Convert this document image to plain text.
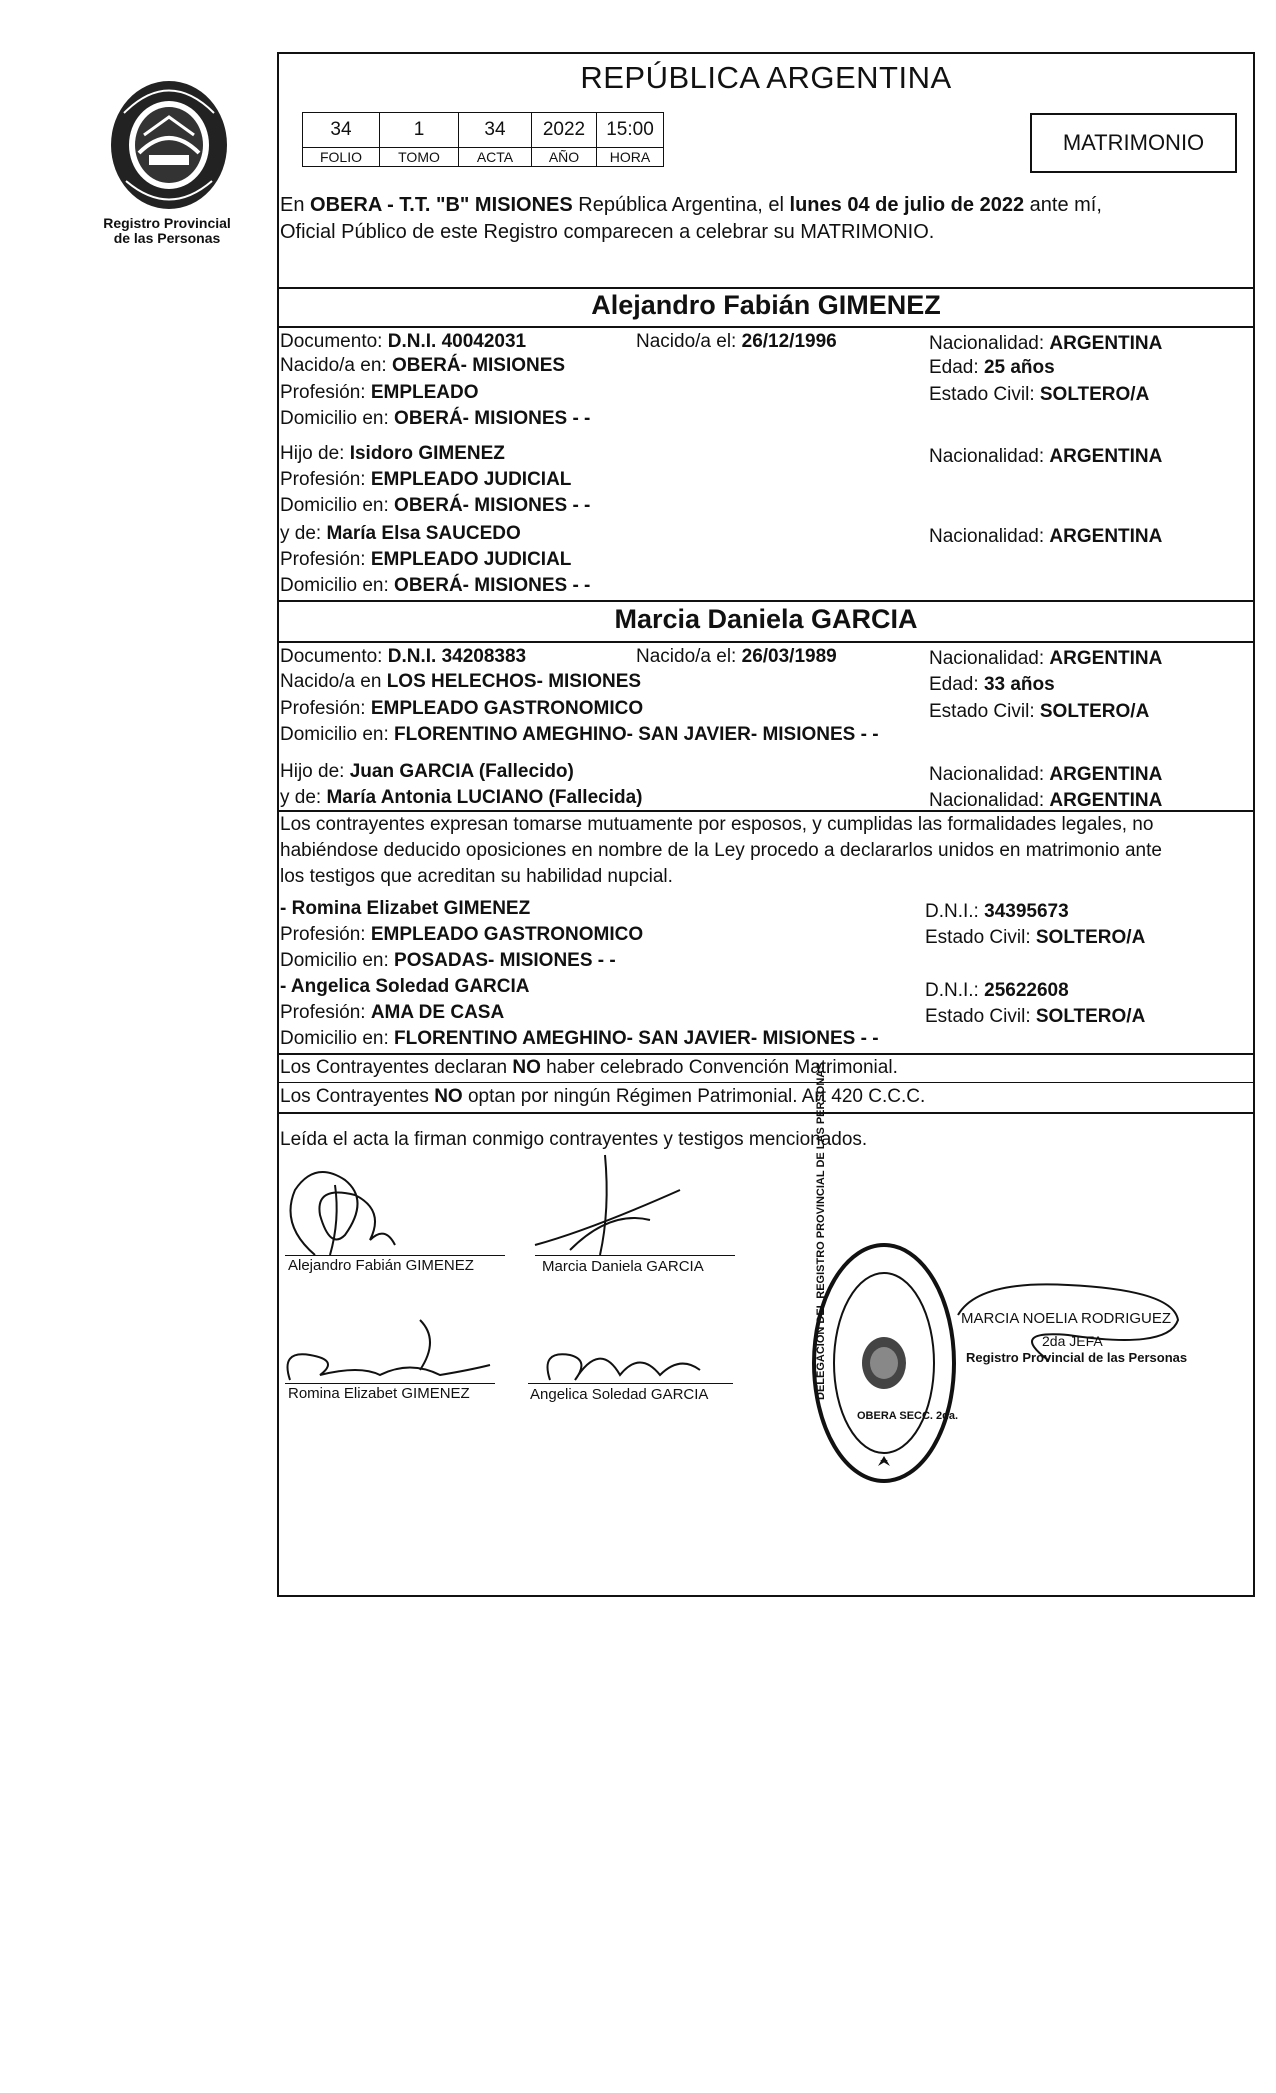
Registro Provincial
de las Personas
REPÚBLICA ARGENTINA
34	1	34	2022	15:00
FOLIO	TOMO	ACTA	AÑO	HORA
MATRIMONIO
En OBERA - T.T. "B" MISIONES República Argentina, el lunes 04 de julio de 2022 ante mí,
Oficial Público de este Registro comparecen a celebrar su MATRIMONIO.
Alejandro Fabián GIMENEZ
Documento: D.N.I. 40042031	Nacido/a el: 26/12/1996	Nacionalidad: ARGENTINA
Nacido/a en: OBERÁ- MISIONES	Edad: 25 años
Profesión: EMPLEADO	Estado Civil: SOLTERO/A
Domicilio en: OBERÁ- MISIONES - -
Hijo de: Isidoro GIMENEZ	Nacionalidad: ARGENTINA
Profesión: EMPLEADO JUDICIAL
Domicilio en: OBERÁ- MISIONES - -
y de: María Elsa SAUCEDO	Nacionalidad: ARGENTINA
Profesión: EMPLEADO JUDICIAL
Domicilio en: OBERÁ- MISIONES - -
Marcia Daniela GARCIA
Documento: D.N.I. 34208383	Nacido/a el: 26/03/1989	Nacionalidad: ARGENTINA
Nacido/a en LOS HELECHOS- MISIONES	Edad: 33 años
Profesión: EMPLEADO GASTRONOMICO	Estado Civil: SOLTERO/A
Domicilio en: FLORENTINO AMEGHINO- SAN JAVIER- MISIONES - -
Hijo de: Juan GARCIA (Fallecido)	Nacionalidad: ARGENTINA
y de: María Antonia LUCIANO (Fallecida)	Nacionalidad: ARGENTINA
Los contrayentes expresan tomarse mutuamente por esposos, y cumplidas las formalidades legales, no
habiéndose deducido oposiciones en nombre de la Ley procedo a declararlos unidos en matrimonio ante
los testigos que acreditan su habilidad nupcial.
- Romina Elizabet GIMENEZ	D.N.I.: 34395673
Profesión: EMPLEADO GASTRONOMICO	Estado Civil: SOLTERO/A
Domicilio en: POSADAS- MISIONES - -
- Angelica Soledad GARCIA	D.N.I.: 25622608
Profesión: AMA DE CASA	Estado Civil: SOLTERO/A
Domicilio en: FLORENTINO AMEGHINO- SAN JAVIER- MISIONES - -
Los Contrayentes declaran NO haber celebrado Convención Matrimonial.
Los Contrayentes NO optan por ningún Régimen Patrimonial. Art 420 C.C.C.
Leída el acta la firman conmigo contrayentes y testigos mencionados.
Alejandro Fabián GIMENEZ	Marcia Daniela GARCIA
Romina Elizabet GIMENEZ	Angelica Soledad GARCIA	DELEGACION DEL REGISTRO PROVINCIAL DE LAS PERSONAS
OBERA SECC. 2da.
MARCIA NOELIA RODRIGUEZ
2da JEFA
Registro Provincial de las Personas
